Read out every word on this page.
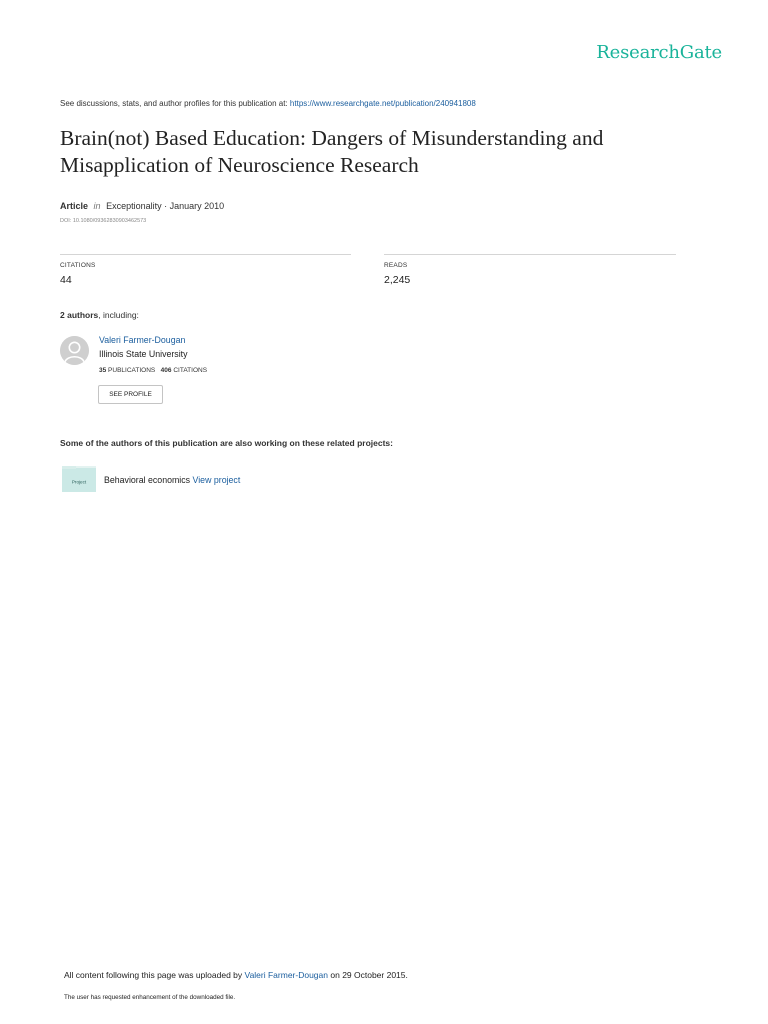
ResearchGate
See discussions, stats, and author profiles for this publication at: https://www.researchgate.net/publication/240941808
Brain(not) Based Education: Dangers of Misunderstanding and Misapplication of Neuroscience Research
Article in Exceptionality · January 2010
DOI: 10.1080/09362830903462573
CITATIONS
44
READS
2,245
2 authors, including:
Valeri Farmer-Dougan
Illinois State University
35 PUBLICATIONS 406 CITATIONS
SEE PROFILE
Some of the authors of this publication are also working on these related projects:
Project Behavioral economics View project
All content following this page was uploaded by Valeri Farmer-Dougan on 29 October 2015.
The user has requested enhancement of the downloaded file.
